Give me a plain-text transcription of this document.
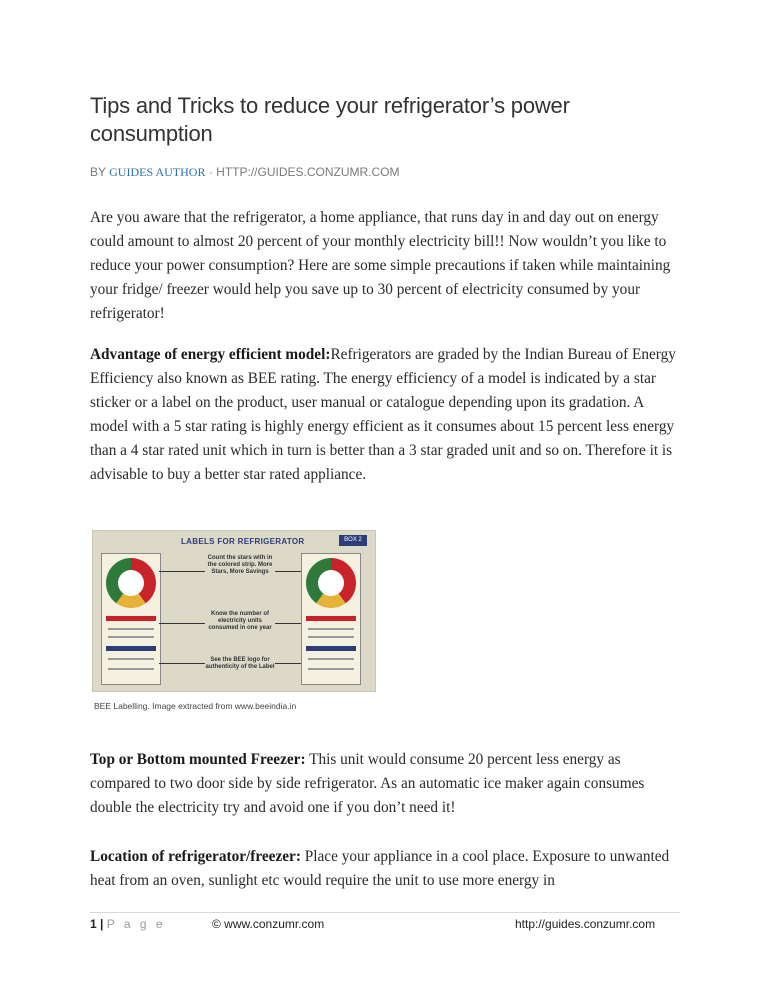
Tips and Tricks to reduce your refrigerator’s power consumption
BY GUIDES AUTHOR · HTTP://GUIDES.CONZUMR.COM

Are you aware that the refrigerator, a home appliance, that runs day in and day out on energy could amount to almost 20 percent of your monthly electricity bill!! Now wouldn’t you like to reduce your power consumption? Here are some simple precautions if taken while maintaining your fridge/ freezer would help you save up to 30 percent of electricity consumed by your refrigerator!

Advantage of energy efficient model:Refrigerators are graded by the Indian Bureau of Energy Efficiency also known as BEE rating. The energy efficiency of a model is indicated by a star sticker or a label on the product, user manual or catalogue depending upon its gradation. A model with a 5 star rating is highly energy efficient as it consumes about 15 percent less energy than a 4 star rated unit which in turn is better than a 3 star graded unit and so on. Therefore it is advisable to buy a better star rated appliance.

LABELS FOR REFRIGERATOR	BOX 2
Count the stars with in the colored strip. More Stars, More Savings
Know the number of electricity units consumed in one year
See the BEE logo for authenticity of the Label
BEE Labelling. Image extracted from www.beeindia.in

Top or Bottom mounted Freezer: This unit would consume 20 percent less energy as compared to two door side by side refrigerator. As an automatic ice maker again consumes double the electricity try and avoid one if you don’t need it!

Location of refrigerator/freezer: Place your appliance in a cool place. Exposure to unwanted heat from an oven, sunlight etc would require the unit to use more energy in

1 | P a g e	© www.conzumr.com	http://guides.conzumr.com
